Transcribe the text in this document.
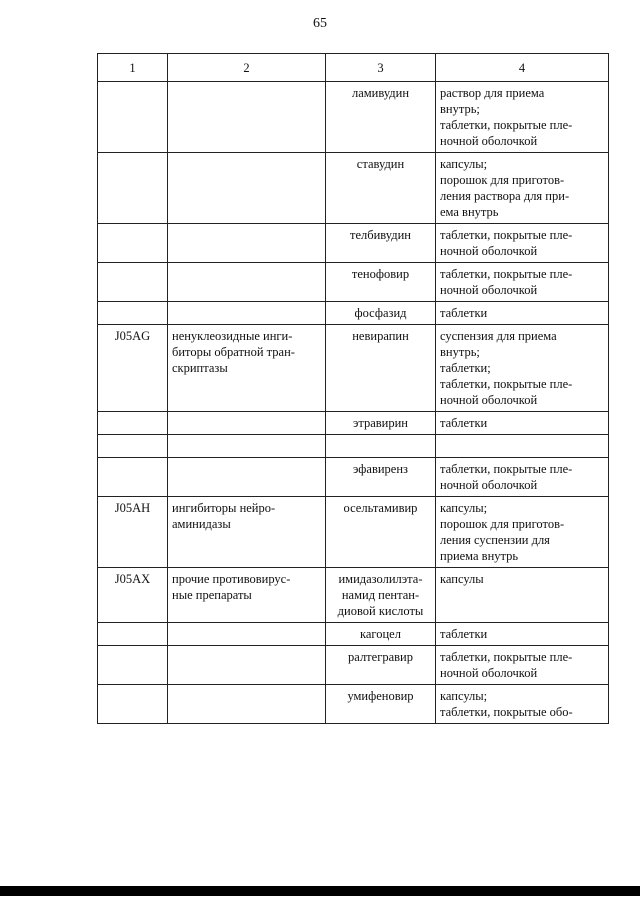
65
1	2	3	4
		ламивудин	раствор для приема
внутрь;
таблетки, покрытые пле-
ночной оболочкой
		ставудин	капсулы;
порошок для приготов-
ления раствора для при-
ема внутрь
		телбивудин	таблетки, покрытые пле-
ночной оболочкой
		тенофовир	таблетки, покрытые пле-
ночной оболочкой
		фосфазид	таблетки
J05AG	ненуклеозидные инги-
биторы обратной тран-
скриптазы	невирапин	суспензия для приема
внутрь;
таблетки;
таблетки, покрытые пле-
ночной оболочкой
		этравирин	таблетки

		эфавиренз	таблетки, покрытые пле-
ночной оболочкой
J05AH	ингибиторы нейро-
аминидазы	осельтамивир	капсулы;
порошок для приготов-
ления суспензии для
приема внутрь
J05AX	прочие противовирус-
ные препараты	имидазолилэта-
намид пентан-
диовой кислоты	капсулы
		кагоцел	таблетки
		ралтегравир	таблетки, покрытые пле-
ночной оболочкой
		умифеновир	капсулы;
таблетки, покрытые обо-
